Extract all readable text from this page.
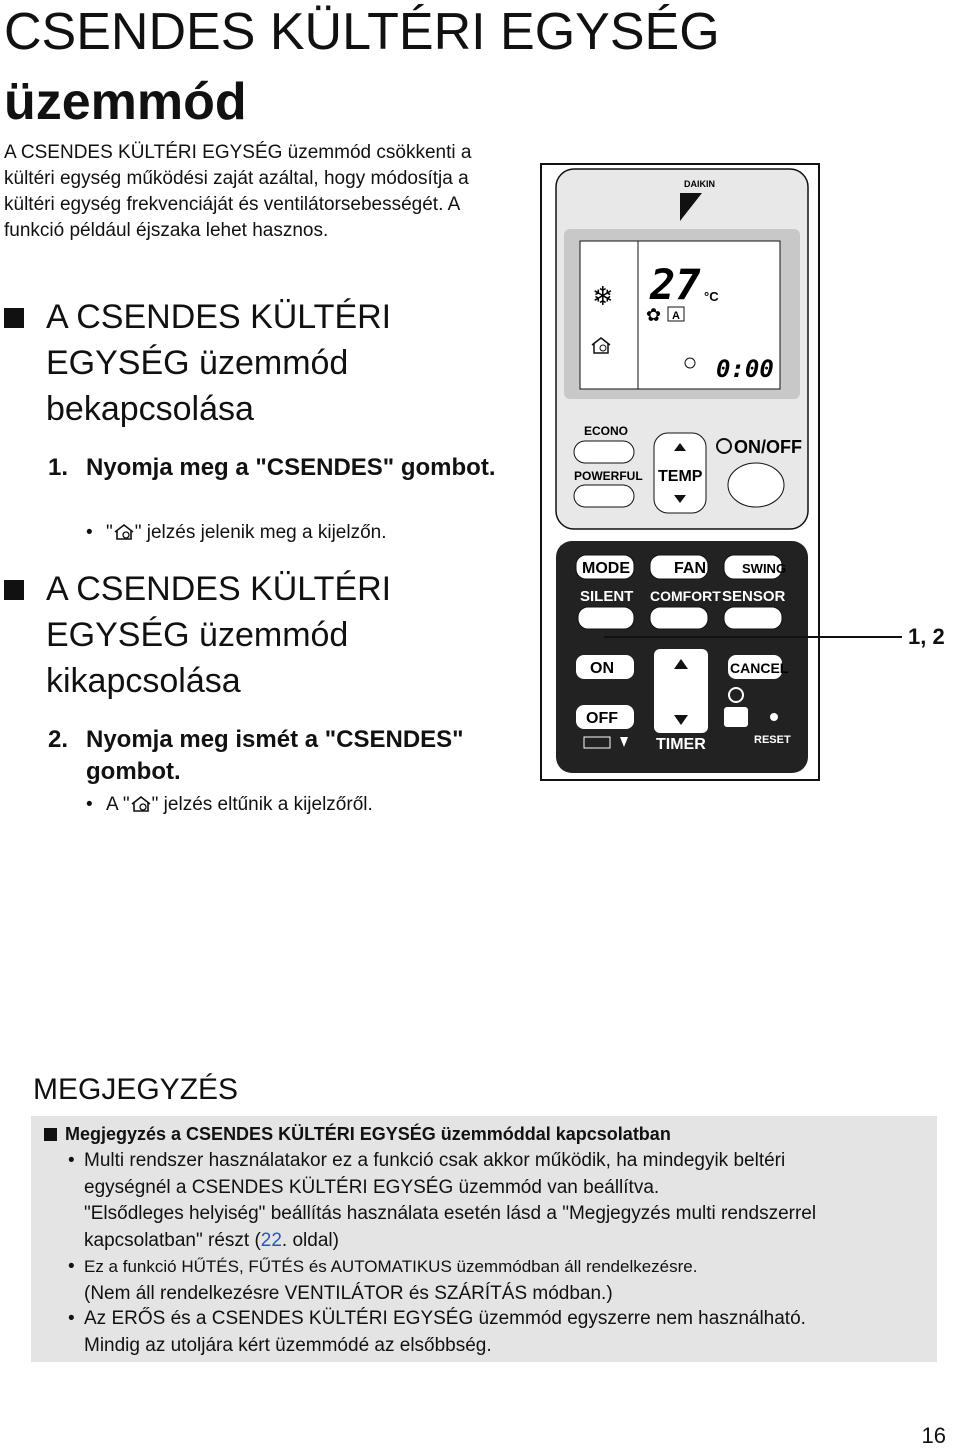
CSENDES KÜLTÉRI EGYSÉG
üzemmód
A CSENDES KÜLTÉRI EGYSÉG üzemmód csökkenti a kültéri egység működési zaját azáltal, hogy módosítja a kültéri egység frekvenciáját és ventilátorsebességét. A funkció például éjszaka lehet hasznos.
A CSENDES KÜLTÉRI EGYSÉG üzemmód bekapcsolása
1. Nyomja meg a "CSENDES" gombot.
• " " jelzés jelenik meg a kijelzőn.
A CSENDES KÜLTÉRI EGYSÉG üzemmód kikapcsolása
2. Nyomja meg ismét a "CSENDES" gombot.
• A " " jelzés eltűnik a kijelzőről.
DAIKIN
❄ 27 °C
✿ A
0:00
ECONO
POWERFUL TEMP
ON/OFF
MODE	FAN	SWING
SILENT COMFORT SENSOR
ON
OFF
TIMER
CANCEL
RESET
1, 2
MEGJEGYZÉS
Megjegyzés a CSENDES KÜLTÉRI EGYSÉG üzemmóddal kapcsolatban
• Multi rendszer használatakor ez a funkció csak akkor működik, ha mindegyik beltéri
egységnél a CSENDES KÜLTÉRI EGYSÉG üzemmód van beállítva.
"Elsődleges helyiség" beállítás használata esetén lásd a "Megjegyzés multi rendszerrel
kapcsolatban" részt (22. oldal)
• Ez a funkció HŰTÉS, FŰTÉS és AUTOMATIKUS üzemmódban áll rendelkezésre.
(Nem áll rendelkezésre VENTILÁTOR és SZÁRÍTÁS módban.)
• Az ERŐS és a CSENDES KÜLTÉRI EGYSÉG üzemmód egyszerre nem használható.
Mindig az utoljára kért üzemmódé az elsőbbség.
16
